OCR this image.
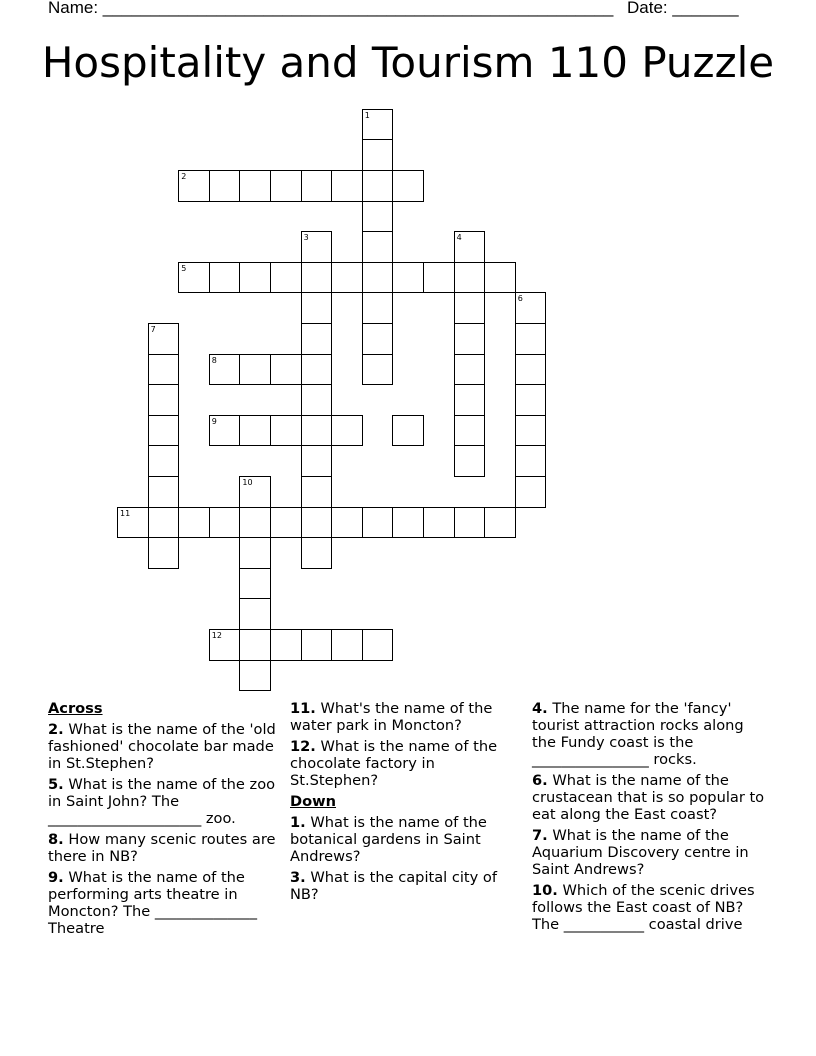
Name: ______________________________________________________ Date: _______
Hospitality and Tourism 110 Puzzle
1
2
3	4
5
6
7
8
9
10
11
12
Across
2. What is the name of the 'old fashioned' chocolate bar made in St.Stephen?
5. What is the name of the zoo in Saint John? The _____________________ zoo.
8. How many scenic routes are there in NB?
9. What is the name of the performing arts theatre in Moncton? The ______________ Theatre
11. What's the name of the water park in Moncton?
12. What is the name of the chocolate factory in St.Stephen?
Down
1. What is the name of the botanical gardens in Saint Andrews?
3. What is the capital city of NB?
4. The name for the 'fancy' tourist attraction rocks along the Fundy coast is the ________________ rocks.
6. What is the name of the crustacean that is so popular to eat along the East coast?
7. What is the name of the Aquarium Discovery centre in Saint Andrews?
10. Which of the scenic drives follows the East coast of NB? The ___________ coastal drive
